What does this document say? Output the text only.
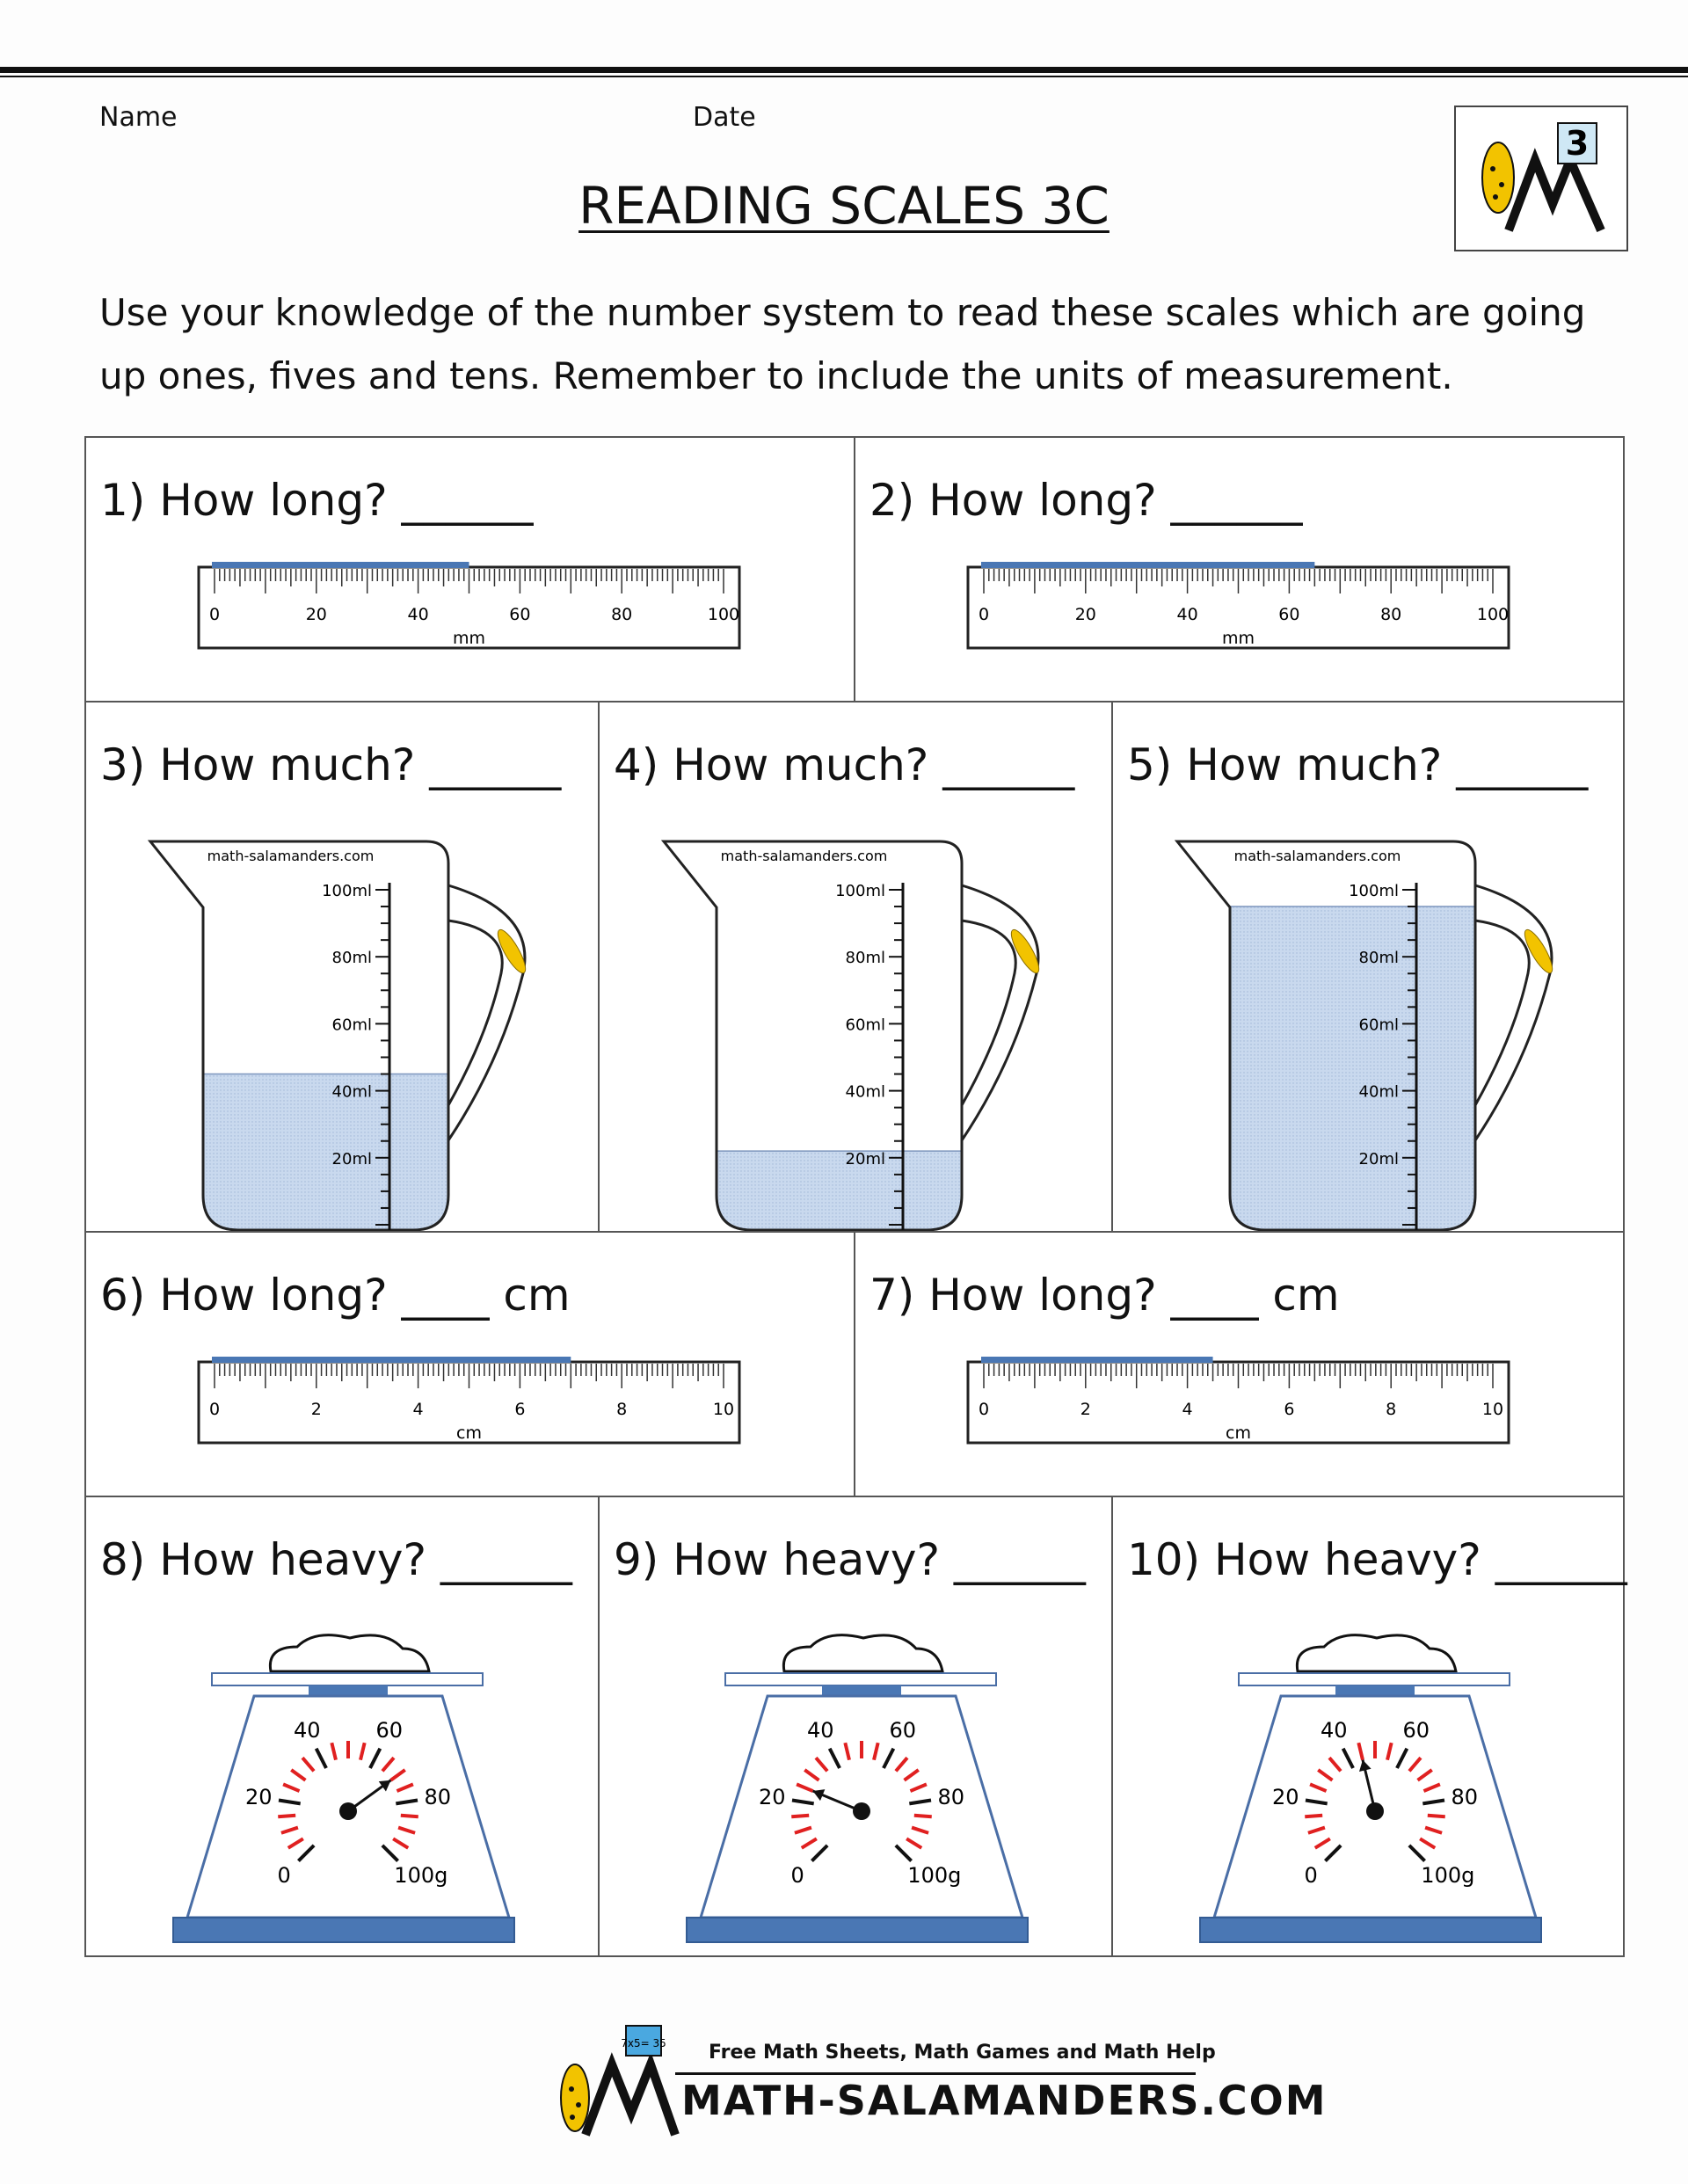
Name	Date
READING SCALES 3C
3
Use your knowledge of the number system to read these scales which are going up ones, fives and tens. Remember to include the units of measurement.
1) How long? ______
0	20	40	60	80	100
mm
2) How long? ______
0	20	40	60	80	100
mm
3) How much? ______
math-salamanders.com
100ml
80ml
60ml
40ml
20ml
4) How much? ______
math-salamanders.com
100ml
80ml
60ml
40ml
20ml
5) How much? ______
math-salamanders.com
100ml
80ml
60ml
40ml
20ml
6) How long? ____ cm
0	2	4	6	8	10
cm
7) How long? ____ cm
0	2	4	6	8	10
cm
8) How heavy? ______
0
20
40	60
80
100g
9) How heavy? ______
0
20
40	60
80
100g
10) How heavy? ______
0
20
40	60
80
100g
7x5= 35 Free Math Sheets, Math Games and Math Help
MATH-SALAMANDERS.COM
